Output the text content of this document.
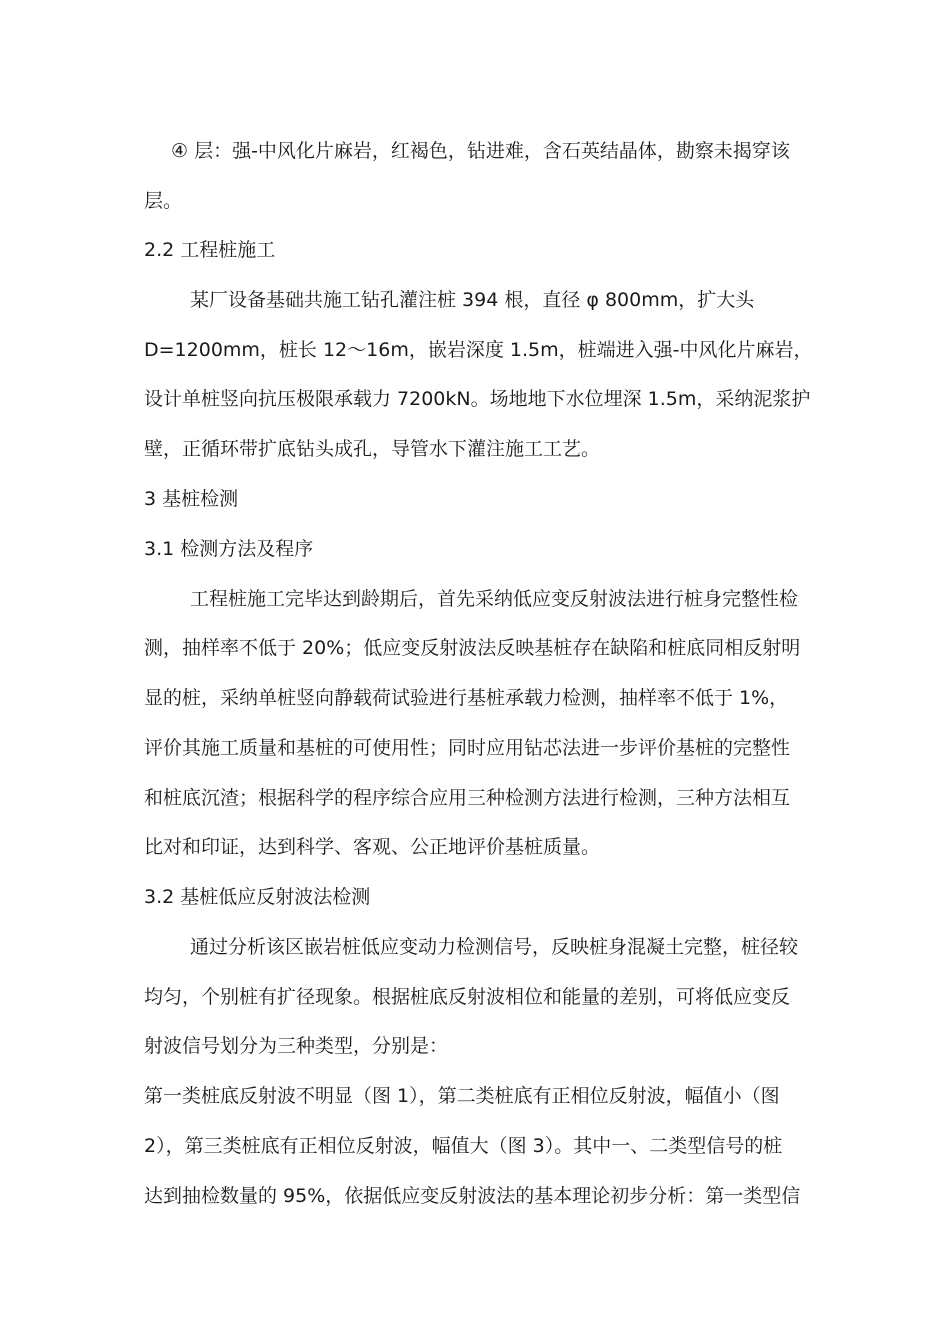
④ 层：强-中风化片麻岩，红褐色，钻进难，含石英结晶体，勘察未揭穿该
层。
2.2 工程桩施工
某厂设备基础共施工钻孔灌注桩 394 根，直径 φ 800mm，扩大头
D=1200mm，桩长 12～16m，嵌岩深度 1.5m，桩端进入强-中风化片麻岩，
设计单桩竖向抗压极限承载力 7200kN。场地地下水位埋深 1.5m，采纳泥浆护
壁，正循环带扩底钻头成孔，导管水下灌注施工工艺。
3 基桩检测
3.1 检测方法及程序
工程桩施工完毕达到龄期后，首先采纳低应变反射波法进行桩身完整性检
测，抽样率不低于 20%；低应变反射波法反映基桩存在缺陷和桩底同相反射明
显的桩，采纳单桩竖向静载荷试验进行基桩承载力检测，抽样率不低于 1%，
评价其施工质量和基桩的可使用性；同时应用钻芯法进一步评价基桩的完整性
和桩底沉渣；根据科学的程序综合应用三种检测方法进行检测，三种方法相互
比对和印证，达到科学、客观、公正地评价基桩质量。
3.2 基桩低应反射波法检测
通过分析该区嵌岩桩低应变动力检测信号，反映桩身混凝土完整，桩径较
均匀，个别桩有扩径现象。根据桩底反射波相位和能量的差别，可将低应变反
射波信号划分为三种类型，分别是：
第一类桩底反射波不明显（图 1），第二类桩底有正相位反射波，幅值小（图
2），第三类桩底有正相位反射波，幅值大（图 3）。其中一、二类型信号的桩
达到抽检数量的 95%，依据低应变反射波法的基本理论初步分析：第一类型信
